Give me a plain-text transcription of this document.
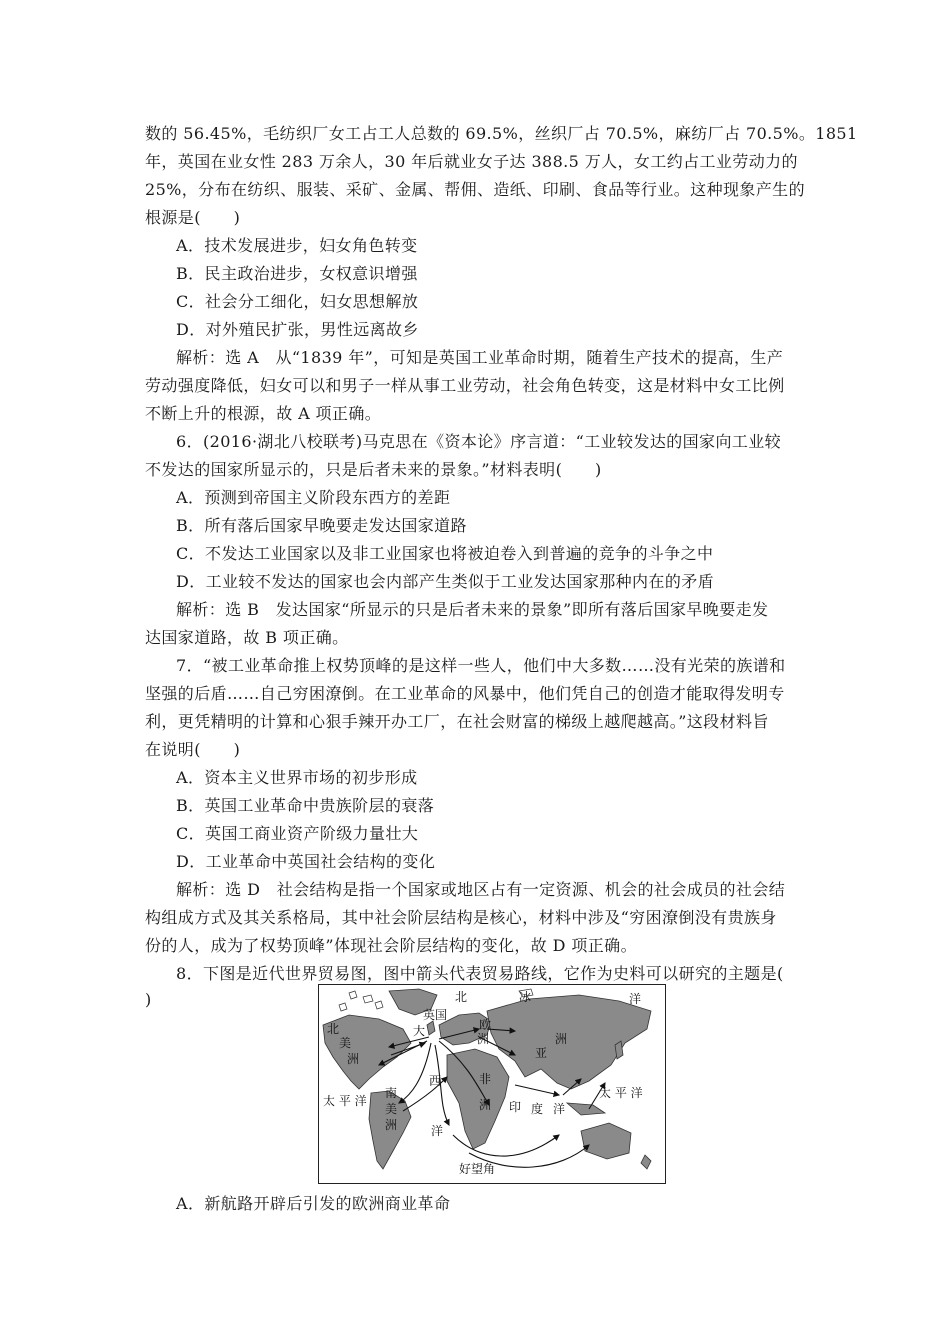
数的 56.45%，毛纺织厂女工占工人总数的 69.5%，丝织厂占 70.5%，麻纺厂占 70.5%。1851
年，英国在业女性 283 万余人，30 年后就业女子达 388.5 万人，女工约占工业劳动力的
25%，分布在纺织、服装、采矿、金属、帮佣、造纸、印刷、食品等行业。这种现象产生的
根源是(　　)
A．技术发展进步，妇女角色转变
B．民主政治进步，女权意识增强
C．社会分工细化，妇女思想解放
D．对外殖民扩张，男性远离故乡
解析：选 A　从“1839 年”，可知是英国工业革命时期，随着生产技术的提高，生产
劳动强度降低，妇女可以和男子一样从事工业劳动，社会角色转变，这是材料中女工比例
不断上升的根源，故 A 项正确。
6．(2016·湖北八校联考)马克思在《资本论》序言道：“工业较发达的国家向工业较
不发达的国家所显示的，只是后者未来的景象。”材料表明(　　)
A．预测到帝国主义阶段东西方的差距
B．所有落后国家早晚要走发达国家道路
C．不发达工业国家以及非工业国家也将被迫卷入到普遍的竞争的斗争之中
D．工业较不发达的国家也会内部产生类似于工业发达国家那种内在的矛盾
解析：选 B　发达国家“所显示的只是后者未来的景象”即所有落后国家早晚要走发
达国家道路，故 B 项正确。
7．“被工业革命推上权势顶峰的是这样一些人，他们中大多数……没有光荣的族谱和
坚强的后盾……自己穷困潦倒。在工业革命的风暴中，他们凭自己的创造才能取得发明专
利，更凭精明的计算和心狠手辣开办工厂，在社会财富的梯级上越爬越高。”这段材料旨
在说明(　　)
A．资本主义世界市场的初步形成
B．英国工业革命中贵族阶层的衰落
C．英国工商业资产阶级力量壮大
D．工业革命中英国社会结构的变化
解析：选 D　社会结构是指一个国家或地区占有一定资源、机会的社会成员的社会结
构组成方式及其关系格局，其中社会阶层结构是核心，材料中涉及“穷困潦倒没有贵族身
份的人，成为了权势顶峰”体现社会阶层结构的变化，故 D 项正确。
8．下图是近代世界贸易图，图中箭头代表贸易路线，它作为史料可以研究的主题是(
)	北	冰	洋
北
美
洲
英国
大	欧
洲
亚
洲
西	非
洲
太 平 洋
南
美
洲	洋
印 度 洋
太 平 洋
好望角
A．新航路开辟后引发的欧洲商业革命
